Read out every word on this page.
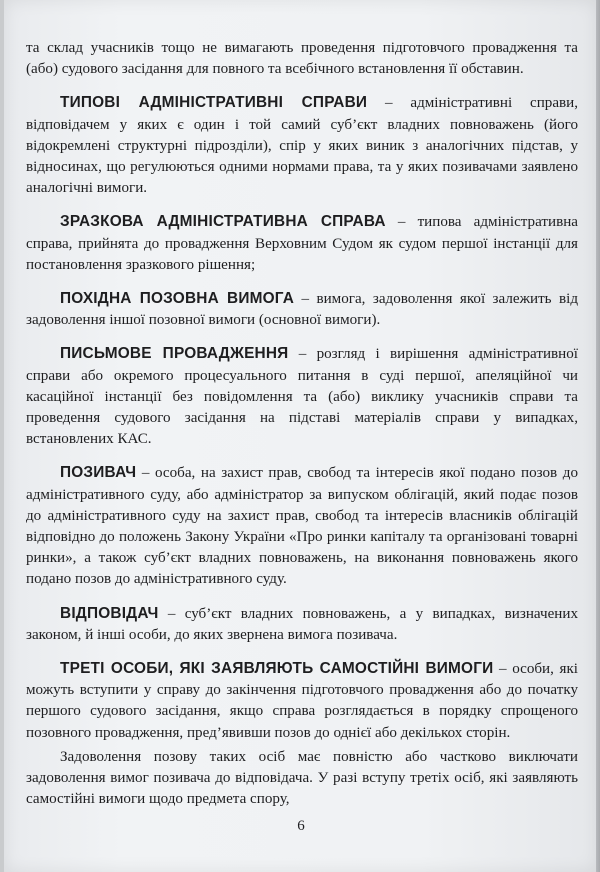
та склад учасників тощо не вимагають проведення підготовчого провадження та (або) судового засідання для повного та всебічного встановлення її обставин.

ТИПОВІ АДМІНІСТРАТИВНІ СПРАВИ – адміністративні справи, відповідачем у яких є один і той самий суб’єкт владних повноважень (його відокремлені структурні підрозділи), спір у яких виник з аналогічних підстав, у відносинах, що регулюються одними нормами права, та у яких позивачами заявлено аналогічні вимоги.

ЗРАЗКОВА АДМІНІСТРАТИВНА СПРАВА – типова адміністративна справа, прийнята до провадження Верховним Судом як судом першої інстанції для постановлення зразкового рішення;

ПОХІДНА ПОЗОВНА ВИМОГА – вимога, задоволення якої залежить від задоволення іншої позовної вимоги (основної вимоги).

ПИСЬМОВЕ ПРОВАДЖЕННЯ – розгляд і вирішення адміністративної справи або окремого процесуального питання в суді першої, апеляційної чи касаційної інстанції без повідомлення та (або) виклику учасників справи та проведення судового засідання на підставі матеріалів справи у випадках, встановлених КАС.

ПОЗИВАЧ – особа, на захист прав, свобод та інтересів якої подано позов до адміністративного суду, або адміністратор за випуском облігацій, який подає позов до адміністративного суду на захист прав, свобод та інтересів власників облігацій відповідно до положень Закону України «Про ринки капіталу та організовані товарні ринки», а також суб’єкт владних повноважень, на виконання повноважень якого подано позов до адміністративного суду.

ВІДПОВІДАЧ – суб’єкт владних повноважень, а у випадках, визначених законом, й інші особи, до яких звернена вимога позивача.

ТРЕТІ ОСОБИ, ЯКІ ЗАЯВЛЯЮТЬ САМОСТІЙНІ ВИМОГИ – особи, які можуть вступити у справу до закінчення підготовчого провадження або до початку першого судового засідання, якщо справа розглядається в порядку спрощеного позовного провадження, пред’явивши позов до однієї або декількох сторін.

Задоволення позову таких осіб має повністю або частково виключати задоволення вимог позивача до відповідача. У разі вступу третіх осіб, які заявляють самостійні вимоги щодо предмета спору,

6
